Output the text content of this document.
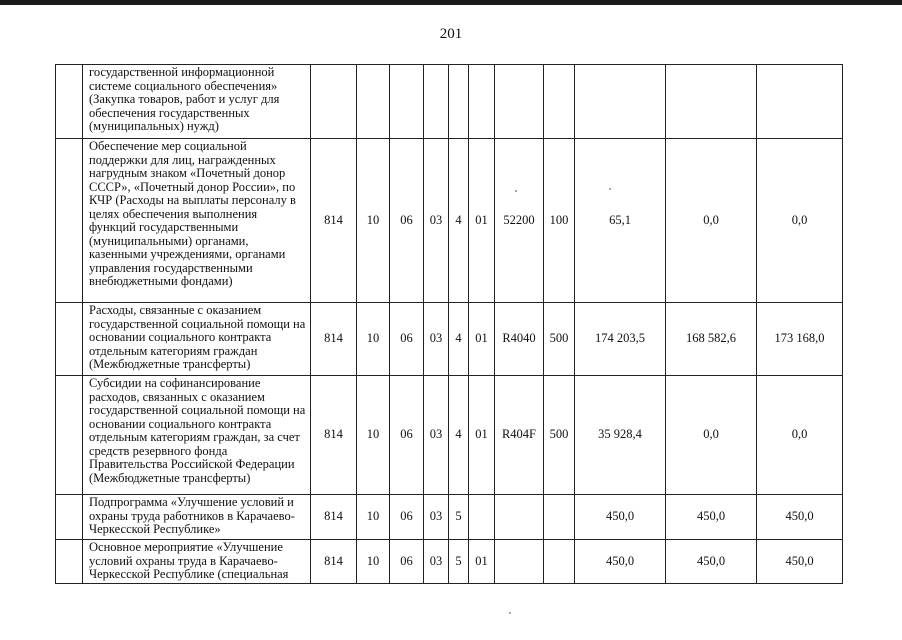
201
	государственной информационной системе социального обеспечения» (Закупка товаров, работ и услуг для обеспечения государственных (муниципальных) нужд)											
	Обеспечение мер социальной поддержки для лиц, награжденных нагрудным знаком «Почетный донор СССР», «Почетный донор России», по КЧР (Расходы на выплаты персоналу в целях обеспечения выполнения функций государственными (муниципальными) органами, казенными учреждениями, органами управления государственными внебюджетными фондами)	814	10	06	03	4	01	52200	100	65,1	0,0	0,0
	Расходы, связанные с оказанием государственной социальной помощи на основании социального контракта отдельным категориям граждан (Межбюджетные трансферты)	814	10	06	03	4	01	R4040	500	174 203,5	168 582,6	173 168,0
	Субсидии на софинансирование расходов, связанных с оказанием государственной социальной помощи на основании социального контракта отдельным категориям граждан, за счет средств резервного фонда Правительства Российской Федерации (Межбюджетные трансферты)	814	10	06	03	4	01	R404F	500	35 928,4	0,0	0,0
	Подпрограмма «Улучшение условий и охраны труда работников в Карачаево-Черкесской Республике»	814	10	06	03	5				450,0	450,0	450,0
	Основное мероприятие «Улучшение условий охраны труда в Карачаево-Черкесской Республике (специальная	814	10	06	03	5	01			450,0	450,0	450,0
